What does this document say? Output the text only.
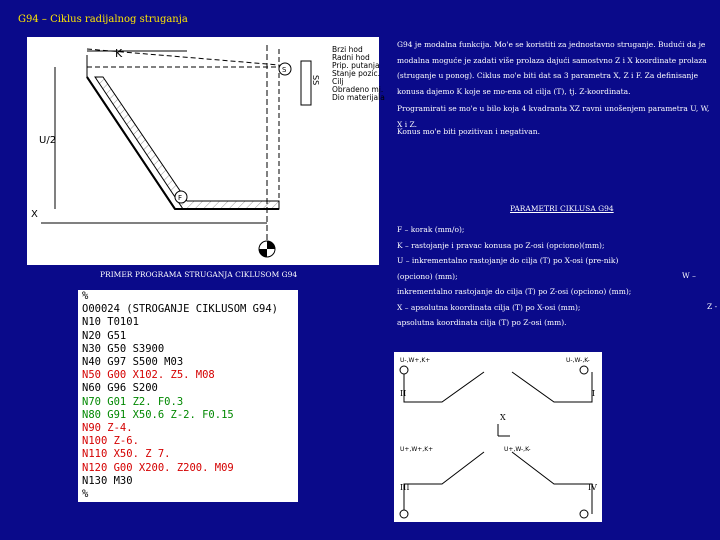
G94 – Ciklus radijalnog struganja
K
U/2
X
S
F
SS
Brzi hod
Radni hod
Prip. putanja
Stanje pozic.
Cilj
Obradeno mj.
Dio materijala
PRIMER PROGRAMA STRUGANJA CIKLUSOM G94
%
O00024 (STROGANJE CIKLUSOM G94)
N10 T0101
N20 G51
N30 G50 S3900
N40 G97 S500 M03
N50 G00 X102. Z5. M08
N60 G96 S200
N70 G01 Z2. F0.3
N80 G91 X50.6 Z-2. F0.15
N90 Z-4.
N100 Z-6.
N110 X50. Z 7.
N120 G00 X200. Z200. M09
N130 M30
%
G94 je modalna funkcija. Mo'e se koristiti za jednostavno struganje. Budući da je modalna moguće je zadati više prolaza dajući samostvno Z i X koordinate prolaza (struganje u ponog). Ciklus mo'e biti dat sa 3 parametra X, Z i F. Za definisanje konusa dajemo K koje se mo-ena od cilja (T), tj. Z-koordinata.
Programirati se mo'e u bilo koja 4 kvadranta XZ ravni unošenjem parametra U, W, X i Z.
Konus mo'e biti pozitivan i negativan.
PARAMETRI CIKLUSA G94
F – korak (mm/o);
K – rastojanje i pravac konusa po Z-osi (opciono)(mm);
U – inkrementalno rastojanje do cilja (T) po X-osi (pre-nik)
(opciono) (mm);
inkrementalno rastojanje do cilja (T) po Z-osi (opciono) (mm);
X – apsolutna koordinata cilja (T) po X-osi (mm);
apsolutna koordinata cilja (T) po Z-osi (mm).
W –
Z -
U-,W+,K+	U-,W-,K-
U+,W+,K+	U+,W-,K-
II	I
III	IV
X
